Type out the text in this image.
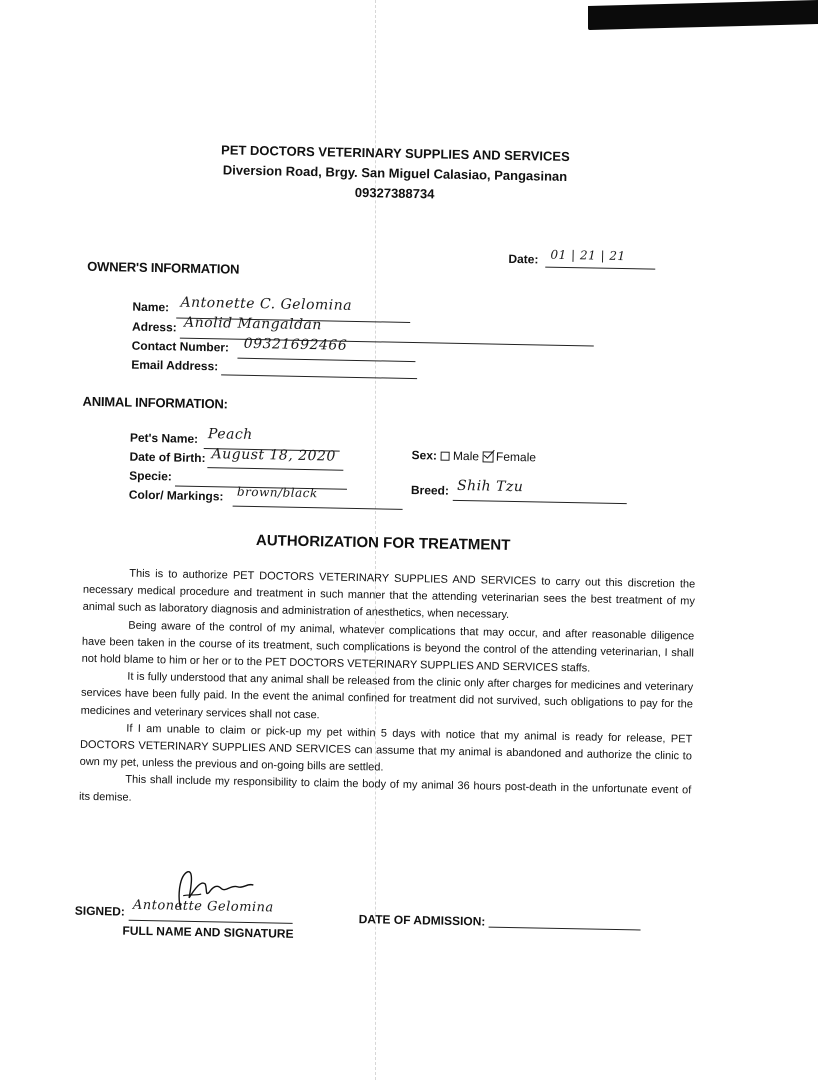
PET DOCTORS VETERINARY SUPPLIES AND SERVICES
Diversion Road, Brgy. San Miguel Calasiao, Pangasinan
09327388734
Date: 01 | 21 | 21
OWNER'S INFORMATION
Name: Antonette C. Gelomina
Adress: Anolid Mangaldan
Contact Number: 09321692466
Email Address:
ANIMAL INFORMATION:
Pet's Name: Peach
Date of Birth: August 18, 2020
Specie:
Color/ Markings: brown/black
Sex: Male Female
Breed: Shih Tzu
AUTHORIZATION FOR TREATMENT

This is to authorize PET DOCTORS VETERINARY SUPPLIES AND SERVICES to carry out this discretion the necessary medical procedure and treatment in such manner that the attending veterinarian sees the best treatment of my animal such as laboratory diagnosis and administration of anesthetics, when necessary.

Being aware of the control of my animal, whatever complications that may occur, and after reasonable diligence have been taken in the course of its treatment, such complications is beyond the control of the attending veterinarian, I shall not hold blame to him or her or to the PET DOCTORS VETERINARY SUPPLIES AND SERVICES staffs.

It is fully understood that any animal shall be released from the clinic only after charges for medicines and veterinary services have been fully paid. In the event the animal confined for treatment did not survived, such obligations to pay for the medicines and veterinary services shall not case.

If I am unable to claim or pick-up my pet within 5 days with notice that my animal is ready for release, PET DOCTORS VETERINARY SUPPLIES AND SERVICES can assume that my animal is abandoned and authorize the clinic to own my pet, unless the previous and on-going bills are settled.

This shall include my responsibility to claim the body of my animal 36 hours post-death in the unfortunate event of its demise.

SIGNED: Antonette Gelomina
FULL NAME AND SIGNATURE
DATE OF ADMISSION:
